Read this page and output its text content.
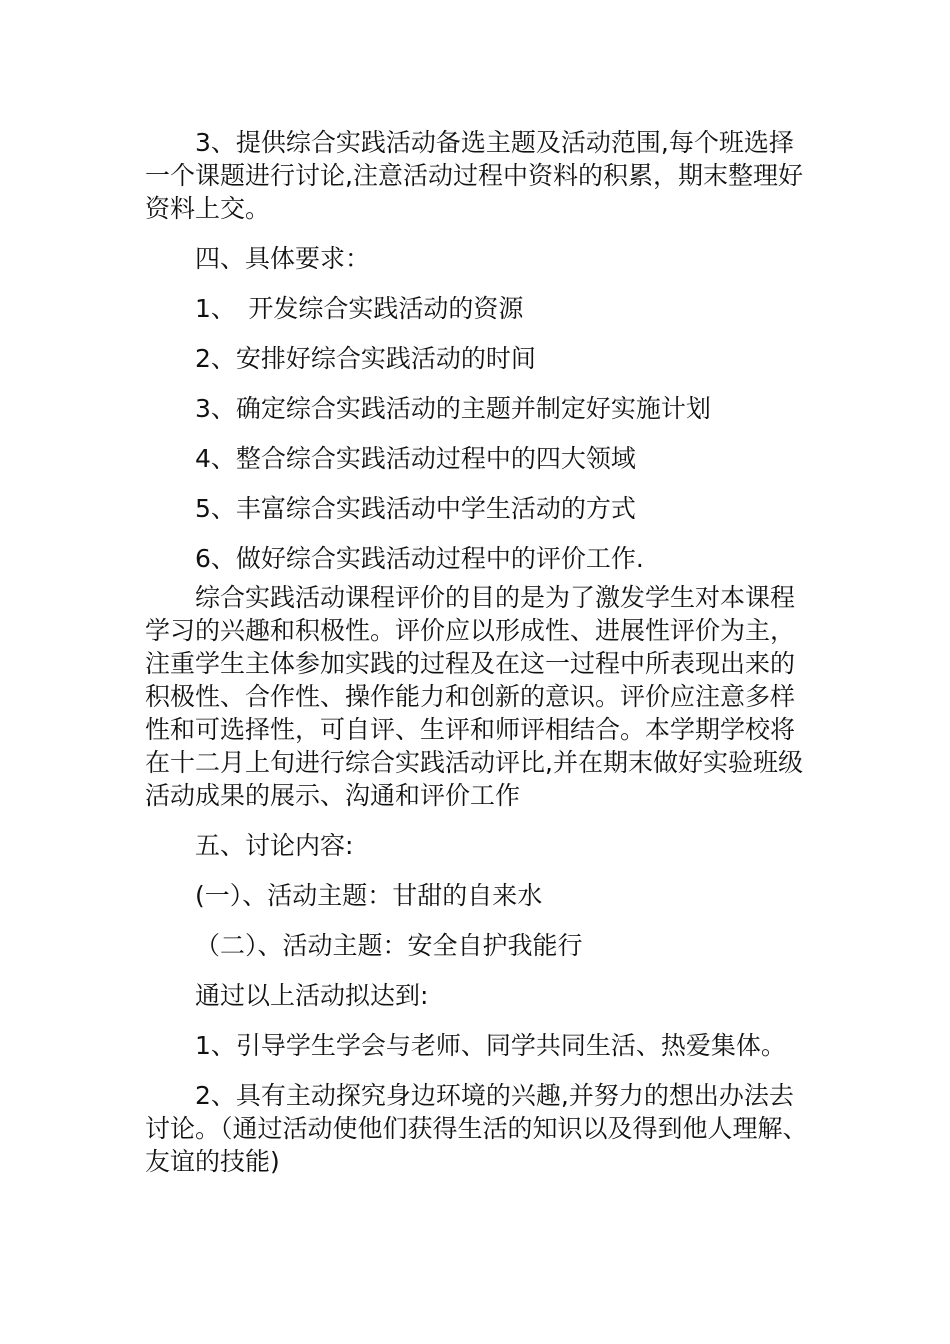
3、提供综合实践活动备选主题及活动范围,每个班选择一个课题进行讨论,注意活动过程中资料的积累，期末整理好资料上交。

四、具体要求：

1、　开发综合实践活动的资源

2、安排好综合实践活动的时间

3、确定综合实践活动的主题并制定好实施计划

4、整合综合实践活动过程中的四大领域

5、丰富综合实践活动中学生活动的方式

6、做好综合实践活动过程中的评价工作.

综合实践活动课程评价的目的是为了激发学生对本课程学习的兴趣和积极性。评价应以形成性、进展性评价为主，注重学生主体参加实践的过程及在这一过程中所表现出来的积极性、合作性、操作能力和创新的意识。评价应注意多样性和可选择性，可自评、生评和师评相结合。本学期学校将在十二月上旬进行综合实践活动评比,并在期末做好实验班级活动成果的展示、沟通和评价工作

五、讨论内容:

(一）、活动主题：甘甜的自来水

（二）、活动主题：安全自护我能行

通过以上活动拟达到:

1、引导学生学会与老师、同学共同生活、热爱集体。

2、具有主动探究身边环境的兴趣,并努力的想出办法去讨论。（通过活动使他们获得生活的知识以及得到他人理解、友谊的技能)
